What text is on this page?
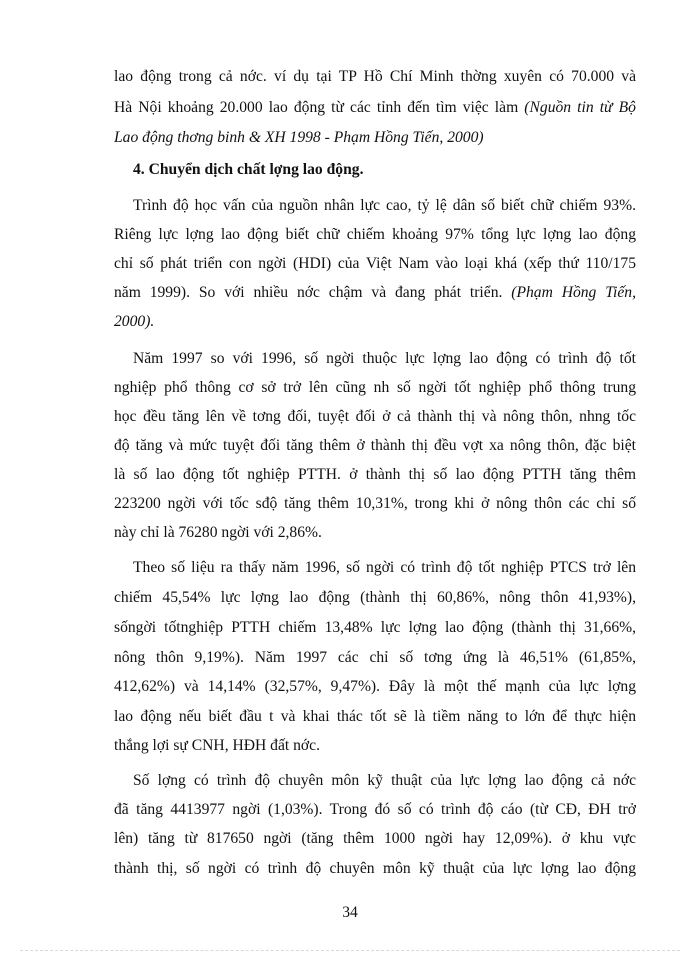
lao động trong cả nớc. ví dụ tại TP Hồ Chí Minh thờng xuyên có 70.000 và
Hà Nội khoảng 20.000 lao động từ các tỉnh đến tìm việc làm (Nguồn tin từ Bộ
Lao động thơng binh & XH 1998 - Phạm Hồng Tiến, 2000)
4. Chuyển dịch chất lợng lao động.
Trình độ học vấn của nguồn nhân lực cao, tỷ lệ dân số biết chữ chiếm 93%.
Riêng lực lợng lao động biết chữ chiếm khoảng 97% tổng lực lợng lao động
chỉ số phát triển con ngời (HDI) của Việt Nam vào loại khá (xếp thứ 110/175
năm 1999). So với nhiều nớc chậm và đang phát triển. (Phạm Hồng Tiến,
2000).
Năm 1997 so với 1996, số ngời thuộc lực lợng lao động có trình độ tốt
nghiệp phổ thông cơ sở trở lên cũng nh số ngời tốt nghiệp phổ thông trung
học đều tăng lên về tơng đối, tuyệt đối ở cả thành thị và nông thôn, nhng tốc
độ tăng và mức tuyệt đối tăng thêm ở thành thị đều vợt xa nông thôn, đặc biệt
là số lao động tốt nghiệp PTTH. ở thành thị số lao động PTTH tăng thêm
223200 ngời với tốc sđộ tăng thêm 10,31%, trong khi ở nông thôn các chỉ số
này chỉ là 76280 ngời với 2,86%.
Theo số liệu ra thấy năm 1996, số ngời có trình độ tốt nghiệp PTCS trở lên
chiếm 45,54% lực lợng lao động (thành thị 60,86%, nông thôn 41,93%),
sốngời tốtnghiệp PTTH chiếm 13,48% lực lợng lao động (thành thị 31,66%,
nông thôn 9,19%). Năm 1997 các chỉ số tơng ứng là 46,51% (61,85%,
412,62%) và 14,14% (32,57%, 9,47%). Đây là một thế mạnh của lực lợng
lao động nếu biết đầu t và khai thác tốt sẽ là tiềm năng to lớn để thực hiện
thắng lợi sự CNH, HĐH đất nớc.
Số lợng có trình độ chuyên môn kỹ thuật của lực lợng lao động cả nớc
đã tăng 4413977 ngời (1,03%). Trong đó số có trình độ cáo (từ CĐ, ĐH trở
lên) tăng từ 817650 ngời (tăng thêm 1000 ngời hay 12,09%). ở khu vực
thành thị, số ngời có trình độ chuyên môn kỹ thuật của lực lợng lao động
34
